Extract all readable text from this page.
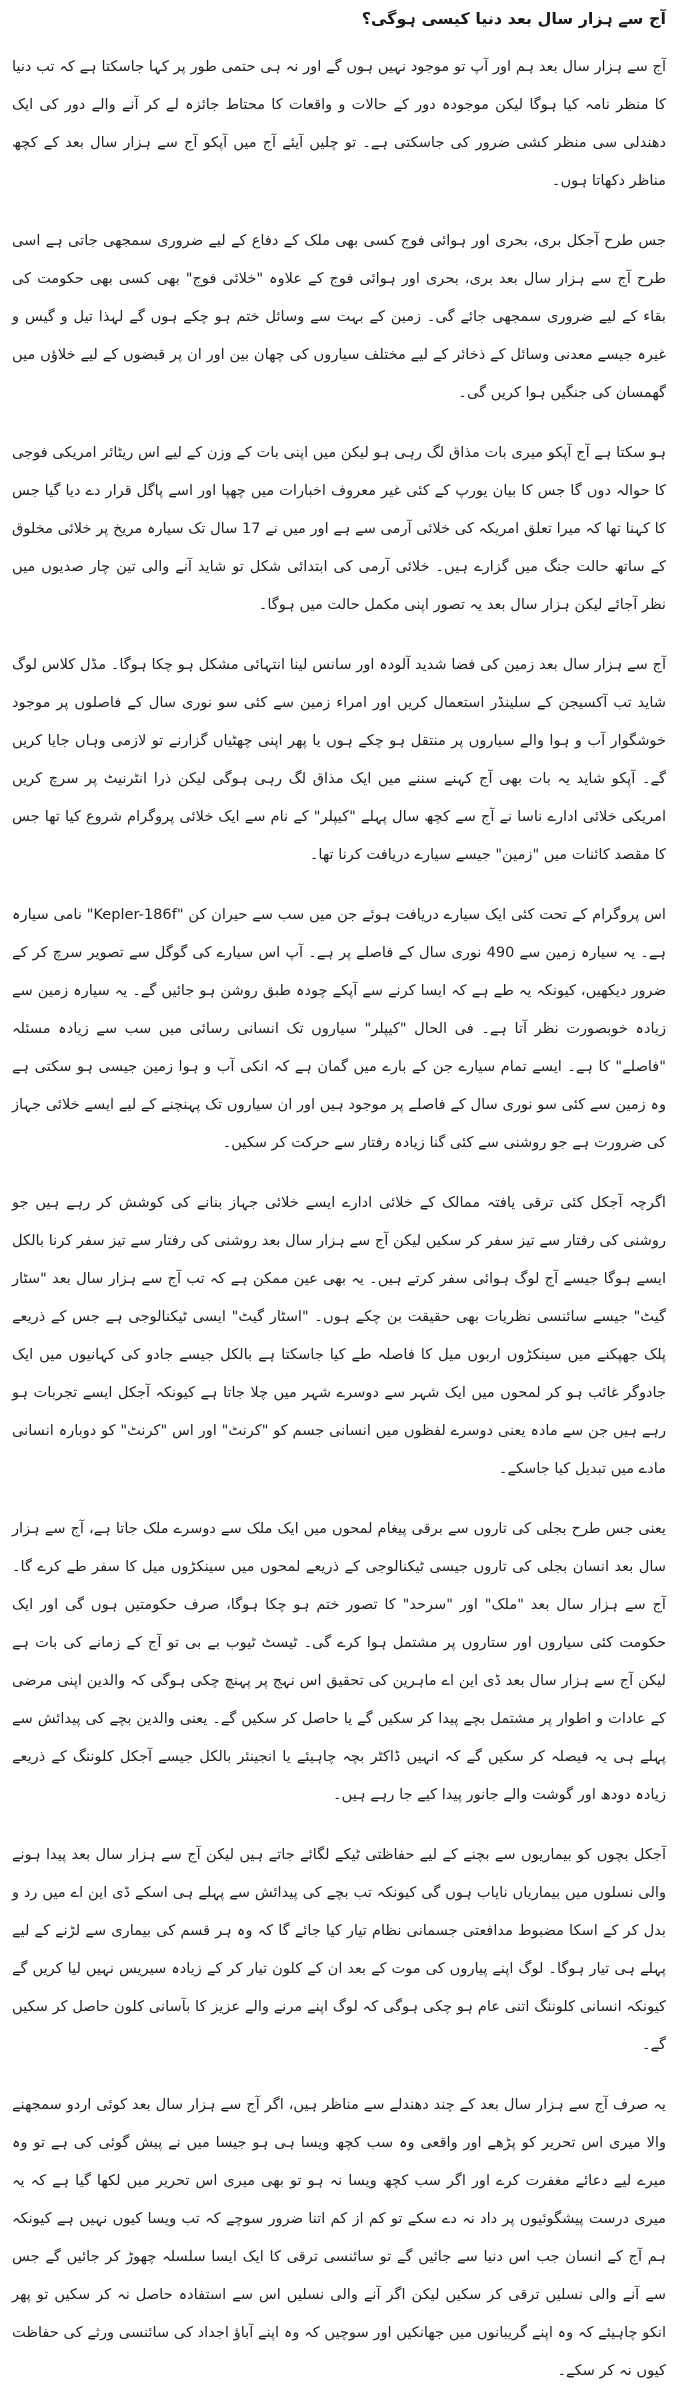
آج سے ہزار سال بعد دنیا کیسی ہوگی؟

آج سے ہزار سال بعد ہم اور آپ تو موجود نہیں ہوں گے اور نہ ہی حتمی طور پر کہا جاسکتا ہے کہ تب دنیا کا منظر نامہ کیا ہوگا لیکن موجودہ دور کے حالات و واقعات کا محتاط جائزہ لے کر آنے والے دور کی ایک دھندلی سی منظر کشی ضرور کی جاسکتی ہے۔ تو چلیں آیئے آج میں آپکو آج سے ہزار سال بعد کے کچھ مناظر دکھاتا ہوں۔

جس طرح آجکل بری، بحری اور ہوائی فوج کسی بھی ملک کے دفاع کے لیے ضروری سمجھی جاتی ہے اسی طرح آج سے ہزار سال بعد بری، بحری اور ہوائی فوج کے علاوہ "خلائی فوج" بھی کسی بھی حکومت کی بقاء کے لیے ضروری سمجھی جائے گی۔ زمین کے بہت سے وسائل ختم ہو چکے ہوں گے لہذا تیل و گیس و غیرہ جیسے معدنی وسائل کے ذخائر کے لیے مختلف سیاروں کی چھان بین اور ان پر قبضوں کے لیے خلاؤں میں گھمسان کی جنگیں ہوا کریں گی۔

ہو سکتا ہے آج آپکو میری بات مذاق لگ رہی ہو لیکن میں اپنی بات کے وزن کے لیے اس ریٹائر امریکی فوجی کا حوالہ دوں گا جس کا بیان یورپ کے کئی غیر معروف اخبارات میں چھپا اور اسے پاگل قرار دے دیا گیا جس کا کہنا تھا کہ میرا تعلق امریکہ کی خلائی آرمی سے ہے اور میں نے 17 سال تک سیارہ مریخ پر خلائی مخلوق کے ساتھ حالت جنگ میں گزارے ہیں۔ خلائی آرمی کی ابتدائی شکل تو شاید آنے والی تین چار صدیوں میں نظر آجائے لیکن ہزار سال بعد یہ تصور اپنی مکمل حالت میں ہوگا۔

آج سے ہزار سال بعد زمین کی فضا شدید آلودہ اور سانس لینا انتہائی مشکل ہو چکا ہوگا۔ مڈل کلاس لوگ شاید تب آکسیجن کے سلینڈر استعمال کریں اور امراء زمین سے کئی سو نوری سال کے فاصلوں پر موجود خوشگوار آب و ہوا والے سیاروں پر منتقل ہو چکے ہوں یا پھر اپنی چھٹیاں گزارنے تو لازمی وہاں جایا کریں گے۔ آپکو شاید یہ بات بھی آج کہنے سننے میں ایک مذاق لگ رہی ہوگی لیکن ذرا انٹرنیٹ پر سرچ کریں امریکی خلائی ادارے ناسا نے آج سے کچھ سال پہلے "کیپلر" کے نام سے ایک خلائی پروگرام شروع کیا تھا جس کا مقصد کائنات میں "زمین" جیسے سیارے دریافت کرنا تھا۔

اس پروگرام کے تحت کئی ایک سیارے دریافت ہوئے جن میں سب سے حیران کن "Kepler-186f" نامی سیارہ ہے۔ یہ سیارہ زمین سے 490 نوری سال کے فاصلے پر ہے۔ آپ اس سیارے کی گوگل سے تصویر سرچ کر کے ضرور دیکھیں، کیونکہ یہ طے ہے کہ ایسا کرنے سے آپکے چودہ طبق روشن ہو جائیں گے۔ یہ سیارہ زمین سے زیادہ خوبصورت نظر آتا ہے۔ فی الحال "کیپلر" سیاروں تک انسانی رسائی میں سب سے زیادہ مسئلہ "فاصلے" کا ہے۔ ایسے تمام سیارے جن کے بارے میں گمان ہے کہ انکی آب و ہوا زمین جیسی ہو سکتی ہے وہ زمین سے کئی سو نوری سال کے فاصلے پر موجود ہیں اور ان سیاروں تک پہنچنے کے لیے ایسے خلائی جہاز کی ضرورت ہے جو روشنی سے کئی گنا زیادہ رفتار سے حرکت کر سکیں۔

اگرچہ آجکل کئی ترقی یافتہ ممالک کے خلائی ادارے ایسے خلائی جہاز بنانے کی کوشش کر رہے ہیں جو روشنی کی رفتار سے تیز سفر کر سکیں لیکن آج سے ہزار سال بعد روشنی کی رفتار سے تیز سفر کرنا بالکل ایسے ہوگا جیسے آج لوگ ہوائی سفر کرتے ہیں۔ یہ بھی عین ممکن ہے کہ تب آج سے ہزار سال بعد "سٹار گیٹ" جیسے سائنسی نظریات بھی حقیقت بن چکے ہوں۔ "اسٹار گیٹ" ایسی ٹیکنالوجی ہے جس کے ذریعے پلک جھپکنے میں سینکڑوں اربوں میل کا فاصلہ طے کیا جاسکتا ہے بالکل جیسے جادو کی کہانیوں میں ایک جادوگر غائب ہو کر لمحوں میں ایک شہر سے دوسرے شہر میں چلا جاتا ہے کیونکہ آجکل ایسے تجربات ہو رہے ہیں جن سے مادہ یعنی دوسرے لفظوں میں انسانی جسم کو "کرنٹ" اور اس "کرنٹ" کو دوبارہ انسانی مادے میں تبدیل کیا جاسکے۔

یعنی جس طرح بجلی کی تاروں سے برقی پیغام لمحوں میں ایک ملک سے دوسرے ملک جاتا ہے، آج سے ہزار سال بعد انسان بجلی کی تاروں جیسی ٹیکنالوجی کے ذریعے لمحوں میں سینکڑوں میل کا سفر طے کرے گا۔ آج سے ہزار سال بعد "ملک" اور "سرحد" کا تصور ختم ہو چکا ہوگا، صرف حکومتیں ہوں گی اور ایک حکومت کئی سیاروں اور ستاروں پر مشتمل ہوا کرے گی۔ ٹیسٹ ٹیوب بے بی تو آج کے زمانے کی بات ہے لیکن آج سے ہزار سال بعد ڈی این اے ماہرین کی تحقیق اس نہج پر پہنچ چکی ہوگی کہ والدین اپنی مرضی کے عادات و اطوار پر مشتمل بچے پیدا کر سکیں گے یا حاصل کر سکیں گے۔ یعنی والدین بچے کی پیدائش سے پہلے ہی یہ فیصلہ کر سکیں گے کہ انہیں ڈاکٹر بچہ چاہیئے یا انجینئر بالکل جیسے آجکل کلوننگ کے ذریعے زیادہ دودھ اور گوشت والے جانور پیدا کیے جا رہے ہیں۔

آجکل بچوں کو بیماریوں سے بچنے کے لیے حفاظتی ٹیکے لگائے جاتے ہیں لیکن آج سے ہزار سال بعد پیدا ہونے والی نسلوں میں بیماریاں نایاب ہوں گی کیونکہ تب بچے کی پیدائش سے پہلے ہی اسکے ڈی این اے میں رد و بدل کر کے اسکا مضبوط مدافعتی جسمانی نظام تیار کیا جائے گا کہ وہ ہر قسم کی بیماری سے لڑنے کے لیے پہلے ہی تیار ہوگا۔ لوگ اپنے پیاروں کی موت کے بعد ان کے کلون تیار کر کے زیادہ سیریس نہیں لیا کریں گے کیونکہ انسانی کلوننگ اتنی عام ہو چکی ہوگی کہ لوگ اپنے مرنے والے عزیز کا بآسانی کلون حاصل کر سکیں گے۔

یہ صرف آج سے ہزار سال بعد کے چند دھندلے سے مناظر ہیں، اگر آج سے ہزار سال بعد کوئی اردو سمجھنے والا میری اس تحریر کو پڑھے اور واقعی وہ سب کچھ ویسا ہی ہو جیسا میں نے پیش گوئی کی ہے تو وہ میرے لیے دعائے مغفرت کرے اور اگر سب کچھ ویسا نہ ہو تو بھی میری اس تحریر میں لکھا گیا ہے کہ یہ میری درست پیشگوئیوں پر داد نہ دے سکے تو کم از کم اتنا ضرور سوچے کہ تب ویسا کیوں نہیں ہے کیونکہ ہم آج کے انسان جب اس دنیا سے جائیں گے تو سائنسی ترقی کا ایک ایسا سلسلہ چھوڑ کر جائیں گے جس سے آنے والی نسلیں ترقی کر سکیں لیکن اگر آنے والی نسلیں اس سے استفادہ حاصل نہ کر سکیں تو پھر انکو چاہیئے کہ وہ اپنے گریبانوں میں جھانکیں اور سوچیں کہ وہ اپنے آباؤ اجداد کی سائنسی ورثے کی حفاظت کیوں نہ کر سکے۔
